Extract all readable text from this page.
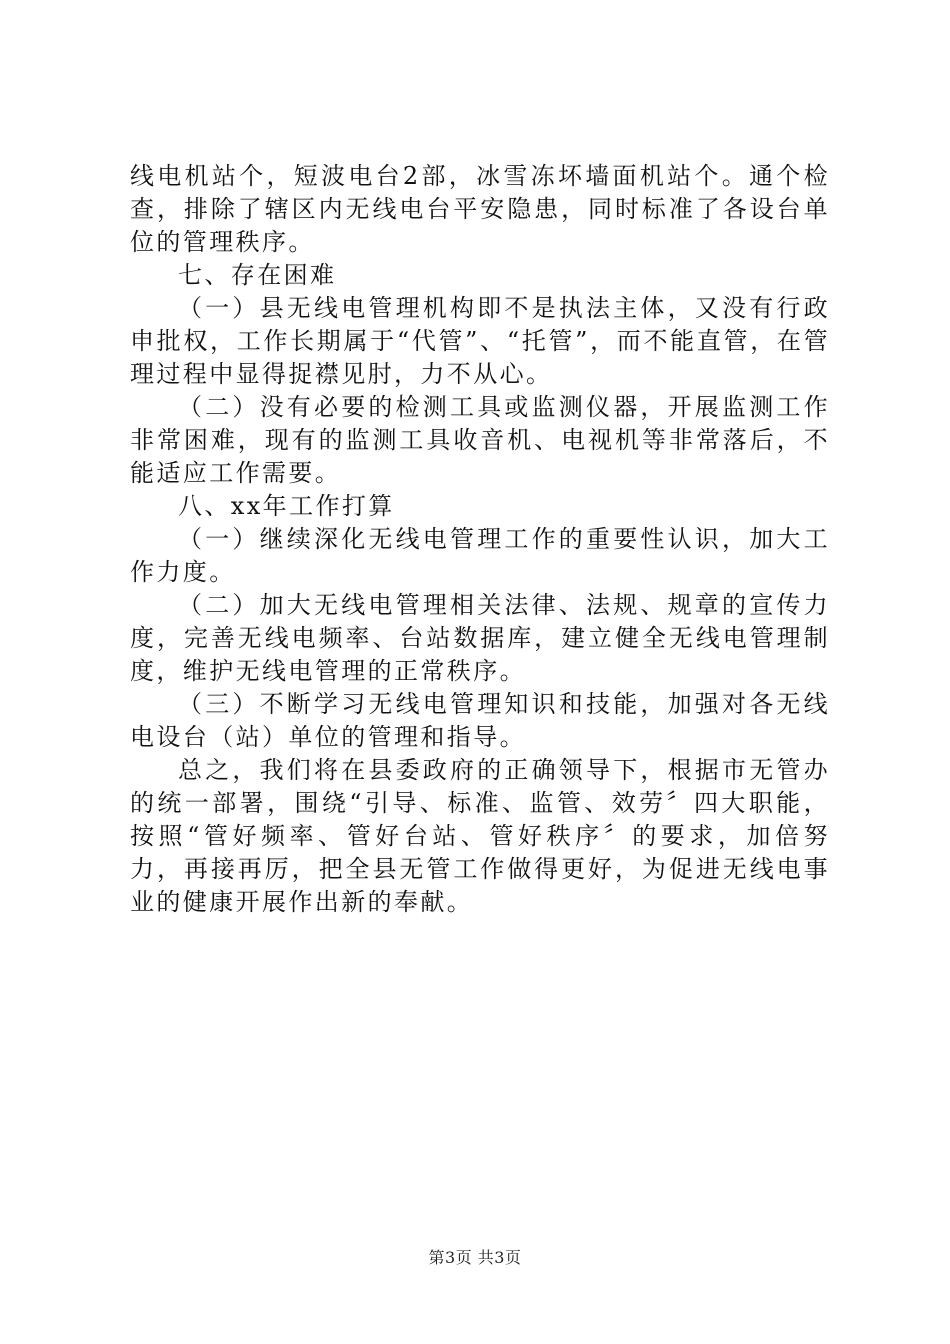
线电机站个，短波电台2部，冰雪冻坏墙面机站个。通个检查，排除了辖区内无线电台平安隐患，同时标准了各设台单位的管理秩序。

七、存在困难

（一）县无线电管理机构即不是执法主体，又没有行政申批权，工作长期属于“代管”、“托管”，而不能直管，在管理过程中显得捉襟见肘，力不从心。

（二）没有必要的检测工具或监测仪器，开展监测工作非常困难，现有的监测工具收音机、电视机等非常落后，不能适应工作需要。

八、xx年工作打算

（一）继续深化无线电管理工作的重要性认识，加大工作力度。

（二）加大无线电管理相关法律、法规、规章的宣传力度，完善无线电频率、台站数据库，建立健全无线电管理制度，维护无线电管理的正常秩序。

（三）不断学习无线电管理知识和技能，加强对各无线电设台（站）单位的管理和指导。

总之，我们将在县委政府的正确领导下，根据市无管办的统一部署，围绕“引导、标准、监管、效劳〞四大职能，按照“管好频率、管好台站、管好秩序〞的要求，加倍努力，再接再厉，把全县无管工作做得更好，为促进无线电事业的健康开展作出新的奉献。

第3页 共3页
